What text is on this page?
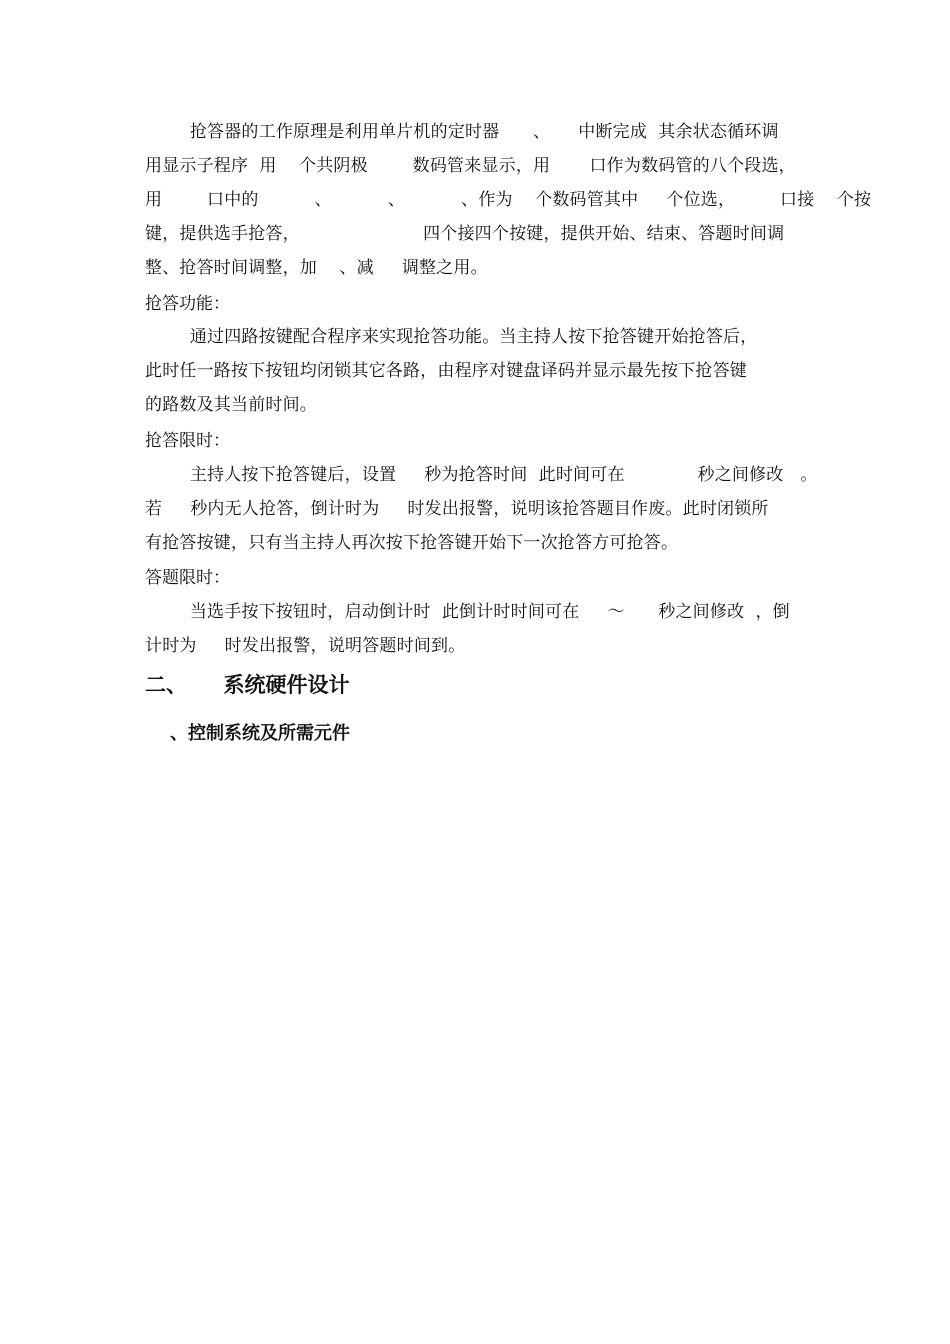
抢答器的工作原理是利用单片机的定时器      、     中断完成  其余状态循环调
用显示子程序  用    个共阴极        数码管来显示，用       口作为数码管的八个段选，
用        口中的          、          、          、作为    个数码管其中     个位选，        口接    个按
键，提供选手抢答，                      四个接四个按键，提供开始、结束、答题时间调
整、抢答时间调整，加    、减     调整之用。

抢答功能：

通过四路按键配合程序来实现抢答功能。当主持人按下抢答键开始抢答后，
此时任一路按下按钮均闭锁其它各路，由程序对键盘译码并显示最先按下抢答键
的路数及其当前时间。

抢答限时：

主持人按下抢答键后，设置     秒为抢答时间  此时间可在             秒之间修改   。
若     秒内无人抢答，倒计时为     时发出报警，说明该抢答题目作废。此时闭锁所
有抢答按键，只有当主持人再次按下抢答键开始下一次抢答方可抢答。

答题限时：

当选手按下按钮时，启动倒计时  此倒计时时间可在     ～      秒之间修改  ，倒
计时为     时发出报警，说明答题时间到。
二、     系统硬件设计
、控制系统及所需元件
